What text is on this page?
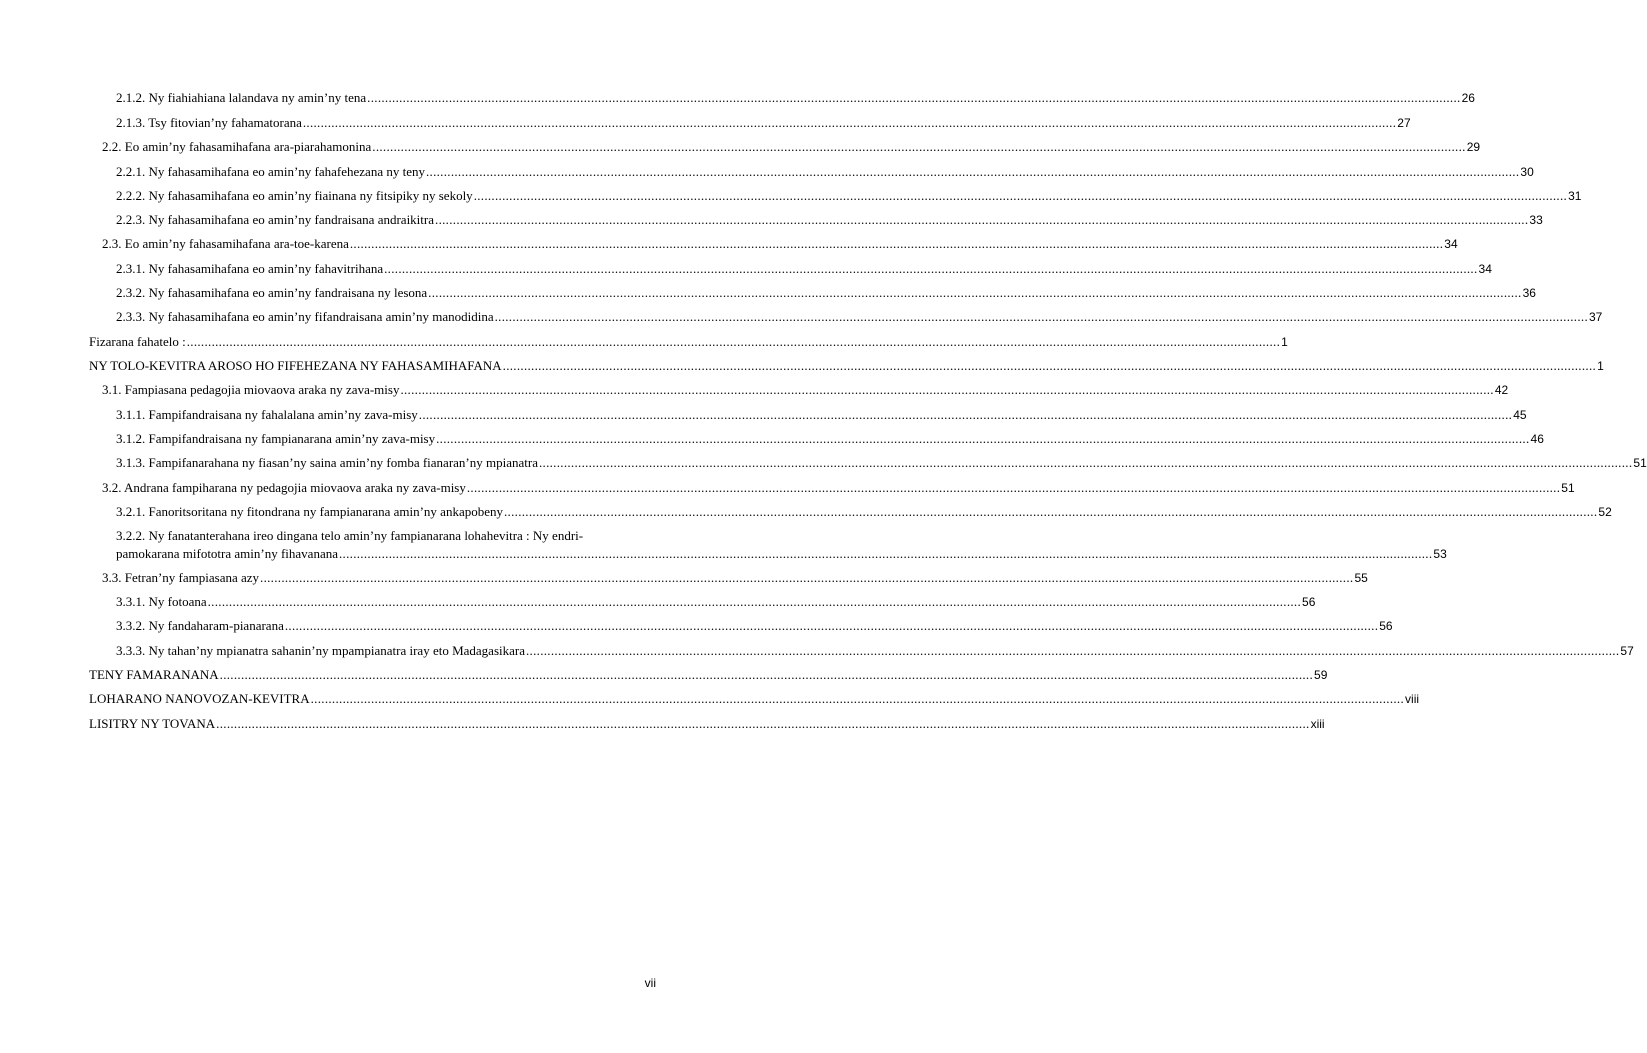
2.1.2. Ny fiahiahiana lalandava ny amin’ny tena .....	26
2.1.3. Tsy fitovian’ny fahamatorana .....	27
2.2. Eo amin’ny fahasamihafana ara-piarahamonina .....	29
2.2.1. Ny fahasamihafana eo amin’ny fahafehezana ny teny .....	30
2.2.2. Ny fahasamihafana eo amin’ny fiainana ny fitsipiky ny sekoly .....	31
2.2.3. Ny fahasamihafana eo amin’ny fandraisana andraikitra .....	33
2.3. Eo amin’ny fahasamihafana ara-toe-karena .....	34
2.3.1. Ny fahasamihafana eo amin’ny fahavitrihana .....	34
2.3.2. Ny fahasamihafana eo amin’ny fandraisana ny lesona .....	36
2.3.3. Ny fahasamihafana eo amin’ny fifandraisana amin’ny manodidina .....	37
Fizarana fahatelo : .....	1
NY TOLO-KEVITRA AROSO HO FIFEHEZANA NY FAHASAMIHAFANA .....	1
3.1. Fampiasana pedagojia miovaova araka ny zava-misy .....	42
3.1.1. Fampifandraisana ny fahalalana amin’ny zava-misy .....	45
3.1.2. Fampifandraisana ny fampianarana amin’ny zava-misy .....	46
3.1.3. Fampifanarahana ny fiasan’ny saina amin’ny fomba fianaran’ny mpianatra .....	51
3.2. Andrana fampiharana ny pedagojia miovaova araka ny zava-misy .....	51
3.2.1. Fanoritsoritana ny fitondrana ny fampianarana amin’ny ankapobeny .....	52
3.2.2. Ny fanatanterahana ireo dingana telo amin’ny fampianarana lohahevitra : Ny endri-
pamokarana mifototra amin’ny fihavanana .....	53
3.3. Fetran’ny fampiasana azy .....	55
3.3.1. Ny fotoana .....	56
3.3.2. Ny fandaharam-pianarana .....	56
3.3.3. Ny tahan’ny mpianatra sahanin’ny mpampianatra iray eto Madagasikara .....	57
TENY FAMARANANA .....	59
LOHARANO NANOVOZAN-KEVITRA .....	viii
LISITRY NY TOVANA .....	xiii
vii
